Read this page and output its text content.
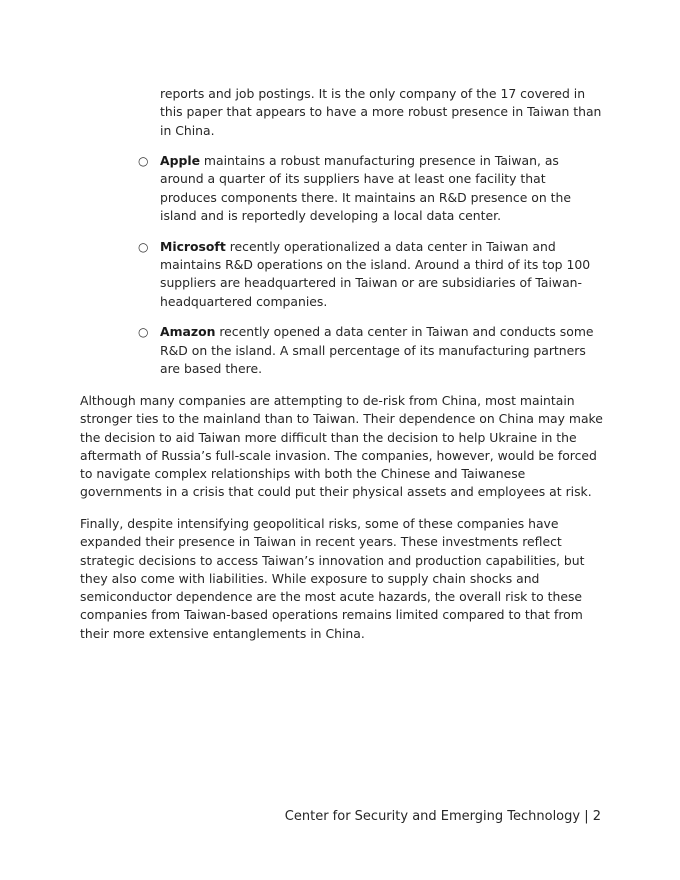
reports and job postings. It is the only company of the 17 covered in this paper that appears to have a more robust presence in Taiwan than in China.

○ Apple maintains a robust manufacturing presence in Taiwan, as around a quarter of its suppliers have at least one facility that produces components there. It maintains an R&D presence on the island and is reportedly developing a local data center.
○ Microsoft recently operationalized a data center in Taiwan and maintains R&D operations on the island. Around a third of its top 100 suppliers are headquartered in Taiwan or are subsidiaries of Taiwan-headquartered companies.
○ Amazon recently opened a data center in Taiwan and conducts some R&D on the island. A small percentage of its manufacturing partners are based there.

Although many companies are attempting to de-risk from China, most maintain stronger ties to the mainland than to Taiwan. Their dependence on China may make the decision to aid Taiwan more difficult than the decision to help Ukraine in the aftermath of Russia’s full-scale invasion. The companies, however, would be forced to navigate complex relationships with both the Chinese and Taiwanese governments in a crisis that could put their physical assets and employees at risk.

Finally, despite intensifying geopolitical risks, some of these companies have expanded their presence in Taiwan in recent years. These investments reflect strategic decisions to access Taiwan’s innovation and production capabilities, but they also come with liabilities. While exposure to supply chain shocks and semiconductor dependence are the most acute hazards, the overall risk to these companies from Taiwan-based operations remains limited compared to that from their more extensive entanglements in China.

Center for Security and Emerging Technology | 2
